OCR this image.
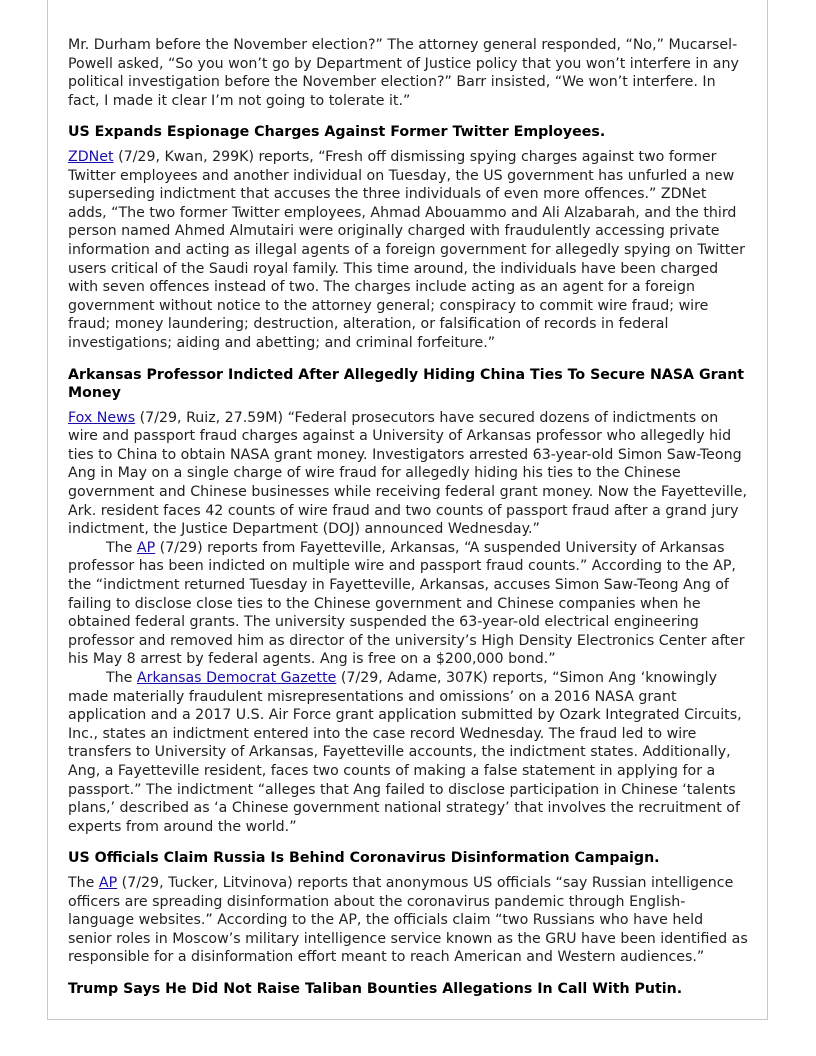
Mr. Durham before the November election?” The attorney general responded, “No,” Mucarsel-Powell asked, “So you won’t go by Department of Justice policy that you won’t interfere in any political investigation before the November election?” Barr insisted, “We won’t interfere. In fact, I made it clear I’m not going to tolerate it.”

US Expands Espionage Charges Against Former Twitter Employees.

ZDNet (7/29, Kwan, 299K) reports, “Fresh off dismissing spying charges against two former Twitter employees and another individual on Tuesday, the US government has unfurled a new superseding indictment that accuses the three individuals of even more offences.” ZDNet adds, “The two former Twitter employees, Ahmad Abouammo and Ali Alzabarah, and the third person named Ahmed Almutairi were originally charged with fraudulently accessing private information and acting as illegal agents of a foreign government for allegedly spying on Twitter users critical of the Saudi royal family. This time around, the individuals have been charged with seven offences instead of two. The charges include acting as an agent for a foreign government without notice to the attorney general; conspiracy to commit wire fraud; wire fraud; money laundering; destruction, alteration, or falsification of records in federal investigations; aiding and abetting; and criminal forfeiture.”

Arkansas Professor Indicted After Allegedly Hiding China Ties To Secure NASA Grant Money

Fox News (7/29, Ruiz, 27.59M) “Federal prosecutors have secured dozens of indictments on wire and passport fraud charges against a University of Arkansas professor who allegedly hid ties to China to obtain NASA grant money. Investigators arrested 63-year-old Simon Saw-Teong Ang in May on a single charge of wire fraud for allegedly hiding his ties to the Chinese government and Chinese businesses while receiving federal grant money. Now the Fayetteville, Ark. resident faces 42 counts of wire fraud and two counts of passport fraud after a grand jury indictment, the Justice Department (DOJ) announced Wednesday.”

The AP (7/29) reports from Fayetteville, Arkansas, “A suspended University of Arkansas professor has been indicted on multiple wire and passport fraud counts.” According to the AP, the “indictment returned Tuesday in Fayetteville, Arkansas, accuses Simon Saw-Teong Ang of failing to disclose close ties to the Chinese government and Chinese companies when he obtained federal grants. The university suspended the 63-year-old electrical engineering professor and removed him as director of the university’s High Density Electronics Center after his May 8 arrest by federal agents. Ang is free on a $200,000 bond.”

The Arkansas Democrat Gazette (7/29, Adame, 307K) reports, “Simon Ang ‘knowingly made materially fraudulent misrepresentations and omissions’ on a 2016 NASA grant application and a 2017 U.S. Air Force grant application submitted by Ozark Integrated Circuits, Inc., states an indictment entered into the case record Wednesday. The fraud led to wire transfers to University of Arkansas, Fayetteville accounts, the indictment states. Additionally, Ang, a Fayetteville resident, faces two counts of making a false statement in applying for a passport.” The indictment “alleges that Ang failed to disclose participation in Chinese ‘talents plans,’ described as ‘a Chinese government national strategy’ that involves the recruitment of experts from around the world.”

US Officials Claim Russia Is Behind Coronavirus Disinformation Campaign.

The AP (7/29, Tucker, Litvinova) reports that anonymous US officials “say Russian intelligence officers are spreading disinformation about the coronavirus pandemic through English-language websites.” According to the AP, the officials claim “two Russians who have held senior roles in Moscow’s military intelligence service known as the GRU have been identified as responsible for a disinformation effort meant to reach American and Western audiences.”

Trump Says He Did Not Raise Taliban Bounties Allegations In Call With Putin.
